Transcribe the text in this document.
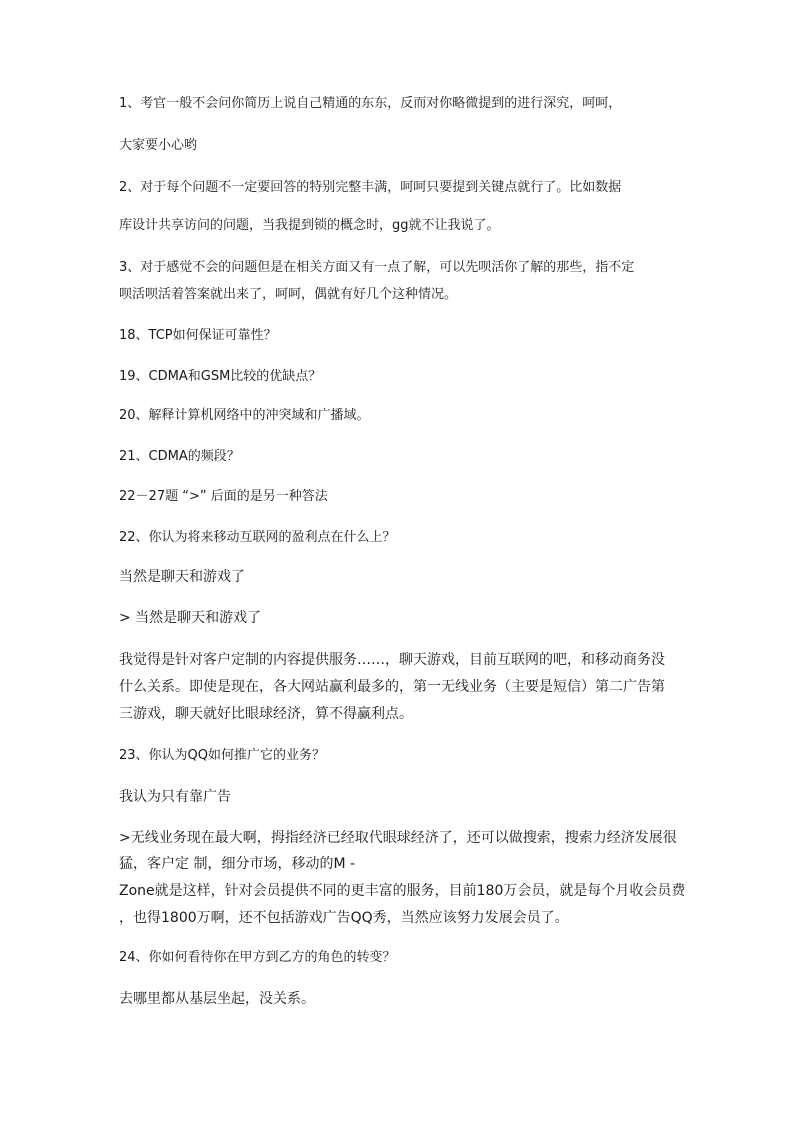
1、考官一般不会问你简历上说自己精通的东东，反而对你略微提到的进行深究，呵呵，
大家要小心哟
2、对于每个问题不一定要回答的特别完整丰满，呵呵只要提到关键点就行了。比如数据
库设计共享访问的问题，当我提到锁的概念时，gg就不让我说了。
3、对于感觉不会的问题但是在相关方面又有一点了解，可以先呗活你了解的那些，指不定
呗活呗活着答案就出来了，呵呵，偶就有好几个这种情况。
18、TCP如何保证可靠性？
19、CDMA和GSM比较的优缺点？
20、解释计算机网络中的冲突域和广播域。
21、CDMA的频段？
22－27题 “>” 后面的是另一种答法
22、你认为将来移动互联网的盈利点在什么上？
当然是聊天和游戏了
> 当然是聊天和游戏了
我觉得是针对客户定制的内容提供服务……，聊天游戏，目前互联网的吧，和移动商务没
什么关系。即使是现在，各大网站赢利最多的，第一无线业务（主要是短信）第二广告第
三游戏，聊天就好比眼球经济，算不得赢利点。
23、你认为QQ如何推广它的业务？
我认为只有靠广告
>无线业务现在最大啊，拇指经济已经取代眼球经济了，还可以做搜索，搜索力经济发展很
猛，客户定 制，细分市场，移动的M -
Zone就是这样，针对会员提供不同的更丰富的服务，目前180万会员，就是每个月收会员费
，也得1800万啊，还不包括游戏广告QQ秀，当然应该努力发展会员了。
24、你如何看待你在甲方到乙方的角色的转变？
去哪里都从基层坐起，没关系。
